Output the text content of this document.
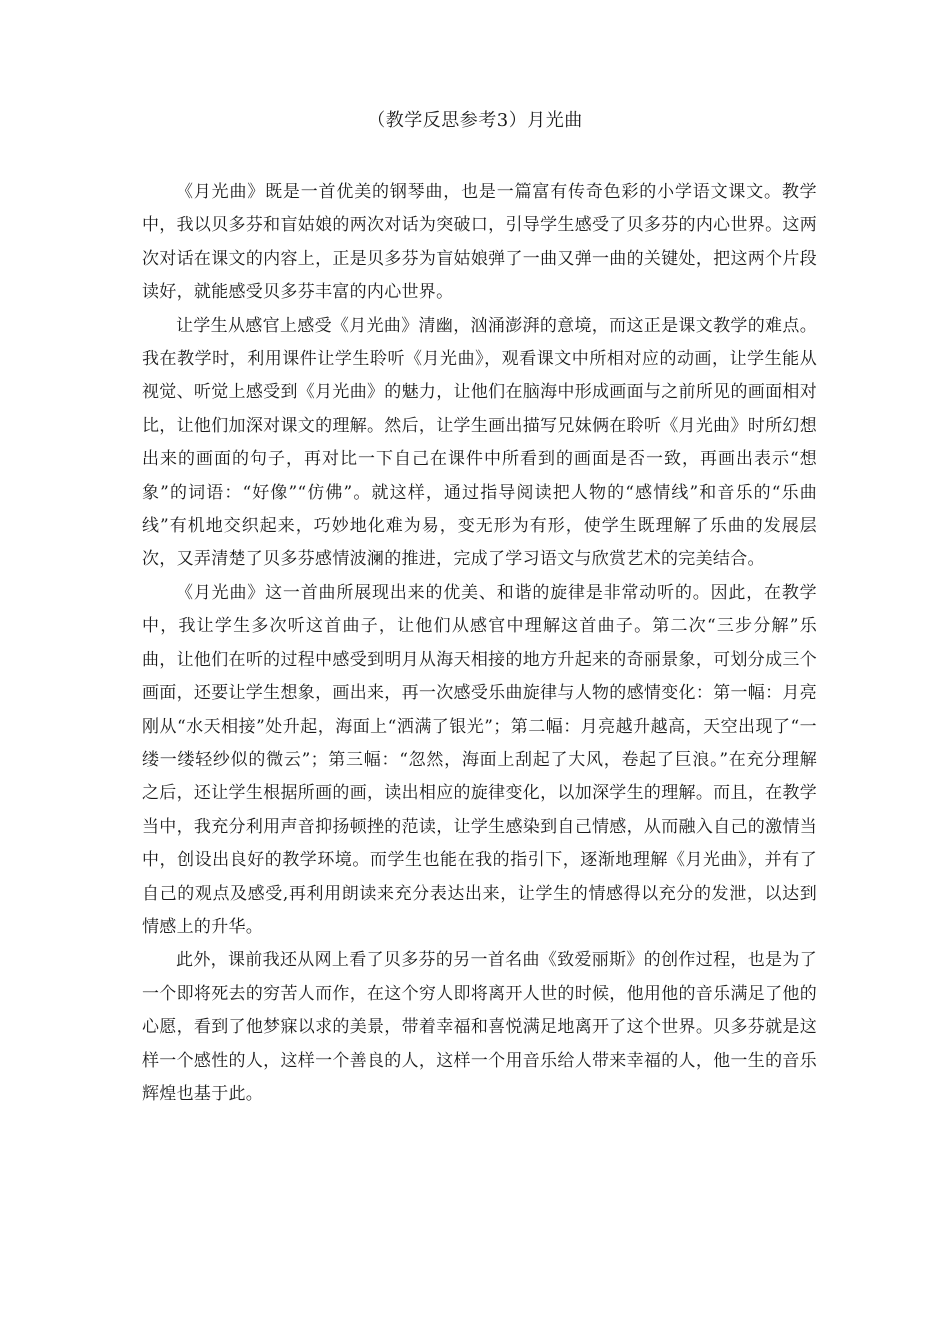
（教学反思参考3）月光曲

《月光曲》既是一首优美的钢琴曲，也是一篇富有传奇色彩的小学语文课文。教学中，我以贝多芬和盲姑娘的两次对话为突破口，引导学生感受了贝多芬的内心世界。这两次对话在课文的内容上，正是贝多芬为盲姑娘弹了一曲又弹一曲的关键处，把这两个片段读好，就能感受贝多芬丰富的内心世界。

让学生从感官上感受《月光曲》清幽，汹涌澎湃的意境，而这正是课文教学的难点。我在教学时，利用课件让学生聆听《月光曲》，观看课文中所相对应的动画，让学生能从视觉、听觉上感受到《月光曲》的魅力，让他们在脑海中形成画面与之前所见的画面相对比，让他们加深对课文的理解。然后，让学生画出描写兄妹俩在聆听《月光曲》时所幻想出来的画面的句子，再对比一下自己在课件中所看到的画面是否一致，再画出表示“想象”的词语：“好像”“仿佛”。就这样，通过指导阅读把人物的“感情线”和音乐的“乐曲线”有机地交织起来，巧妙地化难为易，变无形为有形，使学生既理解了乐曲的发展层次，又弄清楚了贝多芬感情波澜的推进，完成了学习语文与欣赏艺术的完美结合。

《月光曲》这一首曲所展现出来的优美、和谐的旋律是非常动听的。因此，在教学中，我让学生多次听这首曲子，让他们从感官中理解这首曲子。第二次“三步分解”乐曲，让他们在听的过程中感受到明月从海天相接的地方升起来的奇丽景象，可划分成三个画面，还要让学生想象，画出来，再一次感受乐曲旋律与人物的感情变化：第一幅：月亮刚从“水天相接”处升起，海面上“洒满了银光”；第二幅：月亮越升越高，天空出现了“一缕一缕轻纱似的微云”；第三幅：“忽然，海面上刮起了大风，卷起了巨浪。”在充分理解之后，还让学生根据所画的画，读出相应的旋律变化，以加深学生的理解。而且，在教学当中，我充分利用声音抑扬顿挫的范读，让学生感染到自己情感，从而融入自己的激情当中，创设出良好的教学环境。而学生也能在我的指引下，逐渐地理解《月光曲》，并有了自己的观点及感受,再利用朗读来充分表达出来，让学生的情感得以充分的发泄，以达到情感上的升华。

此外，课前我还从网上看了贝多芬的另一首名曲《致爱丽斯》的创作过程，也是为了一个即将死去的穷苦人而作，在这个穷人即将离开人世的时候，他用他的音乐满足了他的心愿，看到了他梦寐以求的美景，带着幸福和喜悦满足地离开了这个世界。贝多芬就是这样一个感性的人，这样一个善良的人，这样一个用音乐给人带来幸福的人，他一生的音乐辉煌也基于此。
